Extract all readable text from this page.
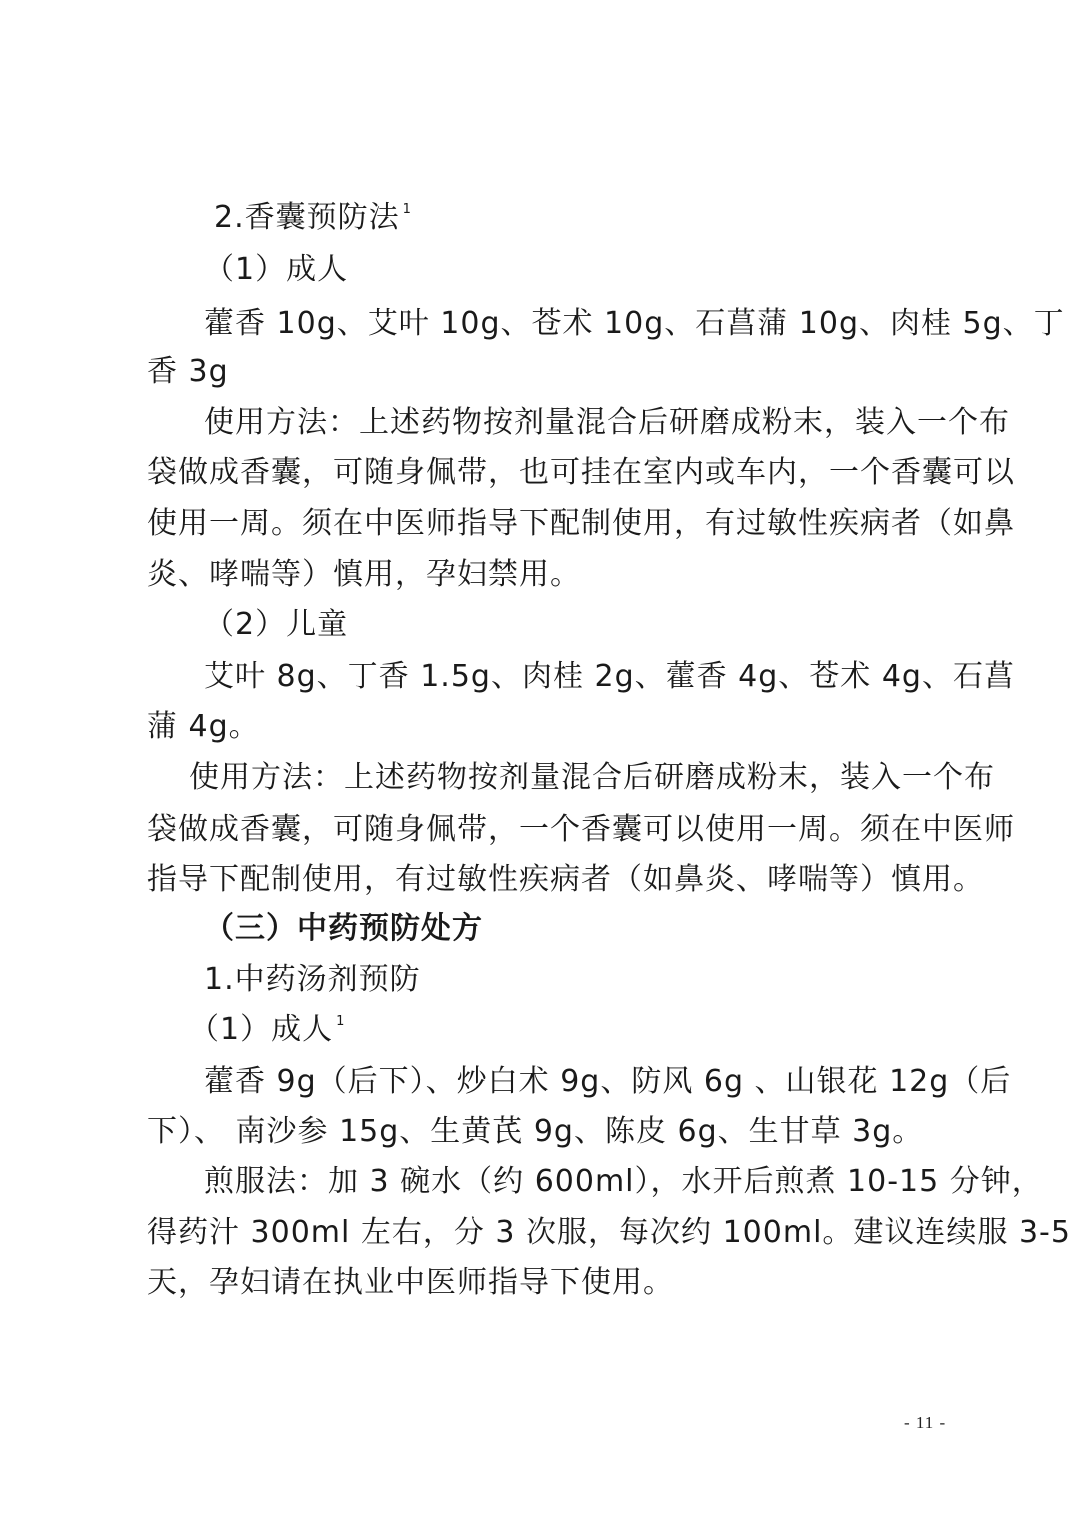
2.香囊预防法 $^1$
（1）成人
藿香 10g、艾叶 10g、苍术 10g、石菖蒲 10g、肉桂 5g、丁
香 3g
使用方法：上述药物按剂量混合后研磨成粉末，装入一个布
袋做成香囊，可随身佩带，也可挂在室内或车内，一个香囊可以
使用一周。须在中医师指导下配制使用，有过敏性疾病者（如鼻
炎、哮喘等）慎用，孕妇禁用。
（2）儿童
艾叶 8g、丁香 1.5g、肉桂 2g、藿香 4g、苍术 4g、石菖
蒲 4g。
使用方法：上述药物按剂量混合后研磨成粉末，装入一个布
袋做成香囊，可随身佩带，一个香囊可以使用一周。须在中医师
指导下配制使用，有过敏性疾病者（如鼻炎、哮喘等）慎用。
（三）中药预防处方
1.中药汤剂预防
（1）成人 $^1$
藿香 9g（后下）、炒白术 9g、防风 6g 、山银花 12g（后
下）、 南沙参 15g、生黄芪 9g、陈皮 6g、生甘草 3g。
煎服法：加 3 碗水（约 600ml），水开后煎煮 10-15 分钟，
得药汁 300ml 左右，分 3 次服，每次约 100ml。建议连续服 3-5
天，孕妇请在执业中医师指导下使用。
- 11 -
